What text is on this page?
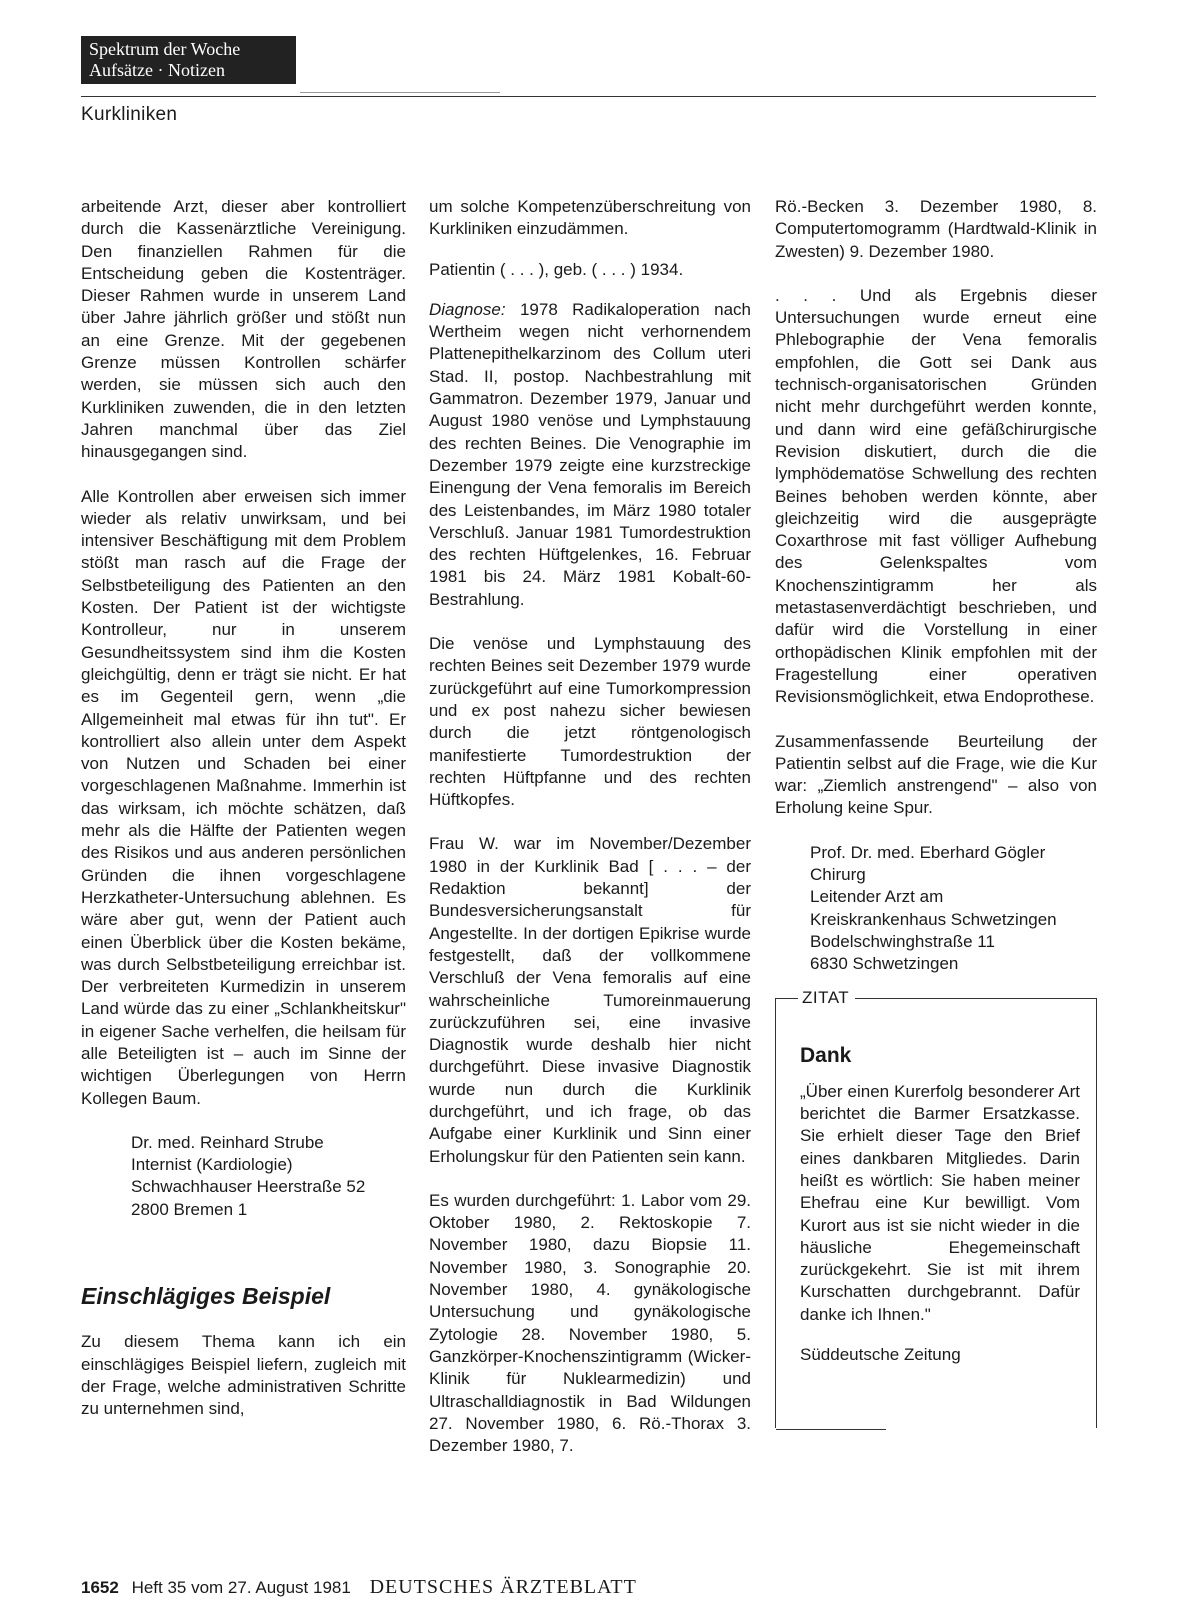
Spektrum der Woche
Aufsätze · Notizen
Kurkliniken

arbeitende Arzt, dieser aber kontrolliert durch die Kassenärztliche Vereinigung. Den finanziellen Rahmen für die Entscheidung geben die Kostenträger. Dieser Rahmen wurde in unserem Land über Jahre jährlich größer und stößt nun an eine Grenze. Mit der gegebenen Grenze müssen Kontrollen schärfer werden, sie müssen sich auch den Kurkliniken zuwenden, die in den letzten Jahren manchmal über das Ziel hinausgegangen sind.

Alle Kontrollen aber erweisen sich immer wieder als relativ unwirksam, und bei intensiver Beschäftigung mit dem Problem stößt man rasch auf die Frage der Selbstbeteiligung des Patienten an den Kosten. Der Patient ist der wichtigste Kontrolleur, nur in unserem Gesundheitssystem sind ihm die Kosten gleichgültig, denn er trägt sie nicht. Er hat es im Gegenteil gern, wenn „die Allgemeinheit mal etwas für ihn tut". Er kontrolliert also allein unter dem Aspekt von Nutzen und Schaden bei einer vorgeschlagenen Maßnahme. Immerhin ist das wirksam, ich möchte schätzen, daß mehr als die Hälfte der Patienten wegen des Risikos und aus anderen persönlichen Gründen die ihnen vorgeschlagene Herzkatheter-Untersuchung ablehnen. Es wäre aber gut, wenn der Patient auch einen Überblick über die Kosten bekäme, was durch Selbstbeteiligung erreichbar ist. Der verbreiteten Kurmedizin in unserem Land würde das zu einer „Schlankheitskur" in eigener Sache verhelfen, die heilsam für alle Beteiligten ist – auch im Sinne der wichtigen Überlegungen von Herrn Kollegen Baum.

Dr. med. Reinhard Strube
Internist (Kardiologie)
Schwachhauser Heerstraße 52
2800 Bremen 1
Einschlägiges Beispiel

Zu diesem Thema kann ich ein einschlägiges Beispiel liefern, zugleich mit der Frage, welche administrativen Schritte zu unternehmen sind,

um solche Kompetenzüberschreitung von Kurkliniken einzudämmen.

Patientin ( . . . ), geb. ( . . . ) 1934.

Diagnose: 1978 Radikaloperation nach Wertheim wegen nicht verhornendem Plattenepithelkarzinom des Collum uteri Stad. II, postop. Nachbestrahlung mit Gammatron. Dezember 1979, Januar und August 1980 venöse und Lymphstauung des rechten Beines. Die Venographie im Dezember 1979 zeigte eine kurzstreckige Einengung der Vena femoralis im Bereich des Leistenbandes, im März 1980 totaler Verschluß. Januar 1981 Tumordestruktion des rechten Hüftgelenkes, 16. Februar 1981 bis 24. März 1981 Kobalt-60-Bestrahlung.

Die venöse und Lymphstauung des rechten Beines seit Dezember 1979 wurde zurückgeführt auf eine Tumorkompression und ex post nahezu sicher bewiesen durch die jetzt röntgenologisch manifestierte Tumordestruktion der rechten Hüftpfanne und des rechten Hüftkopfes.

Frau W. war im November/Dezember 1980 in der Kurklinik Bad [ . . . – der Redaktion bekannt] der Bundesversicherungsanstalt für Angestellte. In der dortigen Epikrise wurde festgestellt, daß der vollkommene Verschluß der Vena femoralis auf eine wahrscheinliche Tumoreinmauerung zurückzuführen sei, eine invasive Diagnostik wurde deshalb hier nicht durchgeführt. Diese invasive Diagnostik wurde nun durch die Kurklinik durchgeführt, und ich frage, ob das Aufgabe einer Kurklinik und Sinn einer Erholungskur für den Patienten sein kann.

Es wurden durchgeführt: 1. Labor vom 29. Oktober 1980, 2. Rektoskopie 7. November 1980, dazu Biopsie 11. November 1980, 3. Sonographie 20. November 1980, 4. gynäkologische Untersuchung und gynäkologische Zytologie 28. November 1980, 5. Ganzkörper-Knochenszintigramm (Wicker-Klinik für Nuklearmedizin) und Ultraschalldiagnostik in Bad Wildungen 27. November 1980, 6. Rö.-Thorax 3. Dezember 1980, 7.

Rö.-Becken 3. Dezember 1980, 8. Computertomogramm (Hardtwald-Klinik in Zwesten) 9. Dezember 1980.

. . . Und als Ergebnis dieser Untersuchungen wurde erneut eine Phlebographie der Vena femoralis empfohlen, die Gott sei Dank aus technisch-organisatorischen Gründen nicht mehr durchgeführt werden konnte, und dann wird eine gefäßchirurgische Revision diskutiert, durch die die lymphödematöse Schwellung des rechten Beines behoben werden könnte, aber gleichzeitig wird die ausgeprägte Coxarthrose mit fast völliger Aufhebung des Gelenkspaltes vom Knochenszintigramm her als metastasenverdächtigt beschrieben, und dafür wird die Vorstellung in einer orthopädischen Klinik empfohlen mit der Fragestellung einer operativen Revisionsmöglichkeit, etwa Endoprothese.

Zusammenfassende Beurteilung der Patientin selbst auf die Frage, wie die Kur war: „Ziemlich anstrengend" – also von Erholung keine Spur.

Prof. Dr. med. Eberhard Gögler
Chirurg
Leitender Arzt am
Kreiskrankenhaus Schwetzingen
Bodelschwinghstraße 11
6830 Schwetzingen
ZITAT
Dank

„Über einen Kurerfolg besonderer Art berichtet die Barmer Ersatzkasse. Sie erhielt dieser Tage den Brief eines dankbaren Mitgliedes. Darin heißt es wörtlich: Sie haben meiner Ehefrau eine Kur bewilligt. Vom Kurort aus ist sie nicht wieder in die häusliche Ehegemeinschaft zurückgekehrt. Sie ist mit ihrem Kurschatten durchgebrannt. Dafür danke ich Ihnen."

Süddeutsche Zeitung

1652 Heft 35 vom 27. August 1981 DEUTSCHES ÄRZTEBLATT
